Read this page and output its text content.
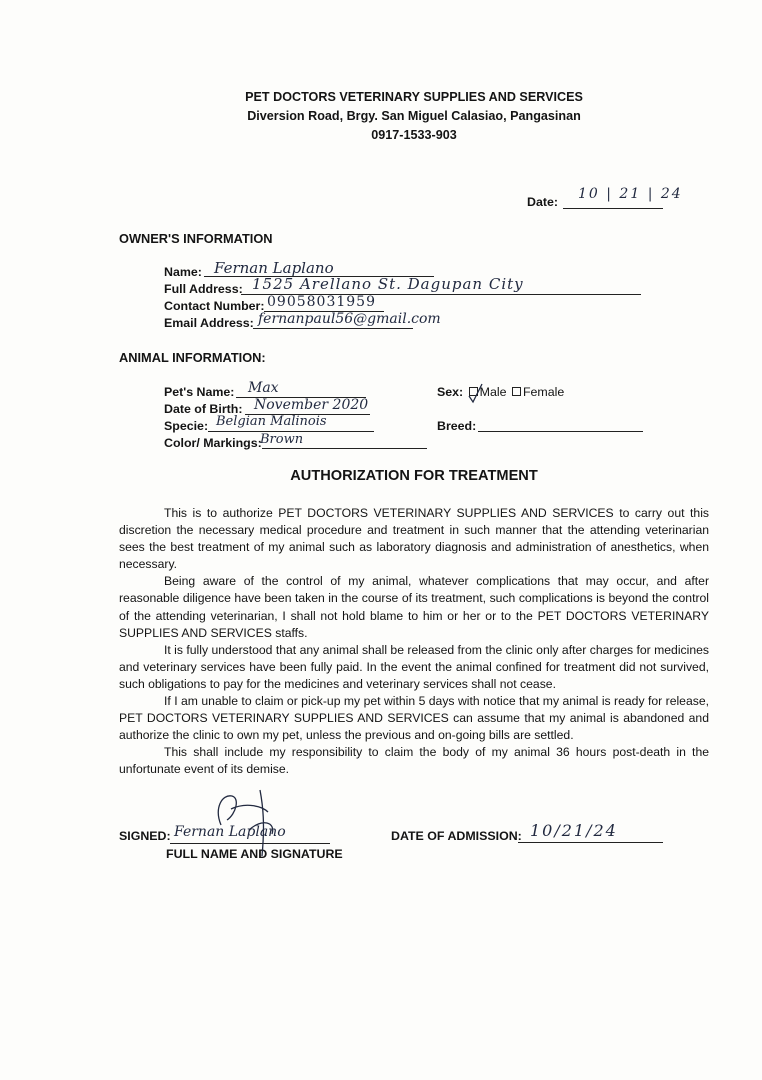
PET DOCTORS VETERINARY SUPPLIES AND SERVICES
Diversion Road, Brgy. San Miguel Calasiao, Pangasinan
0917-1533-903
Date: 10 | 21 | 24
OWNER'S INFORMATION
Name: Fernan Laplano
Full Address: 1525 Arellano St. Dagupan City
Contact Number: 09058031959
Email Address: fernanpaul56@gmail.com
ANIMAL INFORMATION:
Pet's Name: Max
Date of Birth: November 2020
Specie: Belgian Malinois
Color/ Markings:
Brown
Sex: Male Female
Breed:
AUTHORIZATION FOR TREATMENT

This is to authorize PET DOCTORS VETERINARY SUPPLIES AND SERVICES to carry out this discretion the necessary medical procedure and treatment in such manner that the attending veterinarian sees the best treatment of my animal such as laboratory diagnosis and administration of anesthetics, when necessary.

Being aware of the control of my animal, whatever complications that may occur, and after reasonable diligence have been taken in the course of its treatment, such complications is beyond the control of the attending veterinarian, I shall not hold blame to him or her or to the PET DOCTORS VETERINARY SUPPLIES AND SERVICES staffs.

It is fully understood that any animal shall be released from the clinic only after charges for medicines and veterinary services have been fully paid. In the event the animal confined for treatment did not survived, such obligations to pay for the medicines and veterinary services shall not cease.

If I am unable to claim or pick-up my pet within 5 days with notice that my animal is ready for release, PET DOCTORS VETERINARY SUPPLIES AND SERVICES can assume that my animal is abandoned and authorize the clinic to own my pet, unless the previous and on-going bills are settled.

This shall include my responsibility to claim the body of my animal 36 hours post-death in the unfortunate event of its demise.

SIGNED: Fernan Laplano
FULL NAME AND SIGNATURE
DATE OF ADMISSION: 10/21/24
